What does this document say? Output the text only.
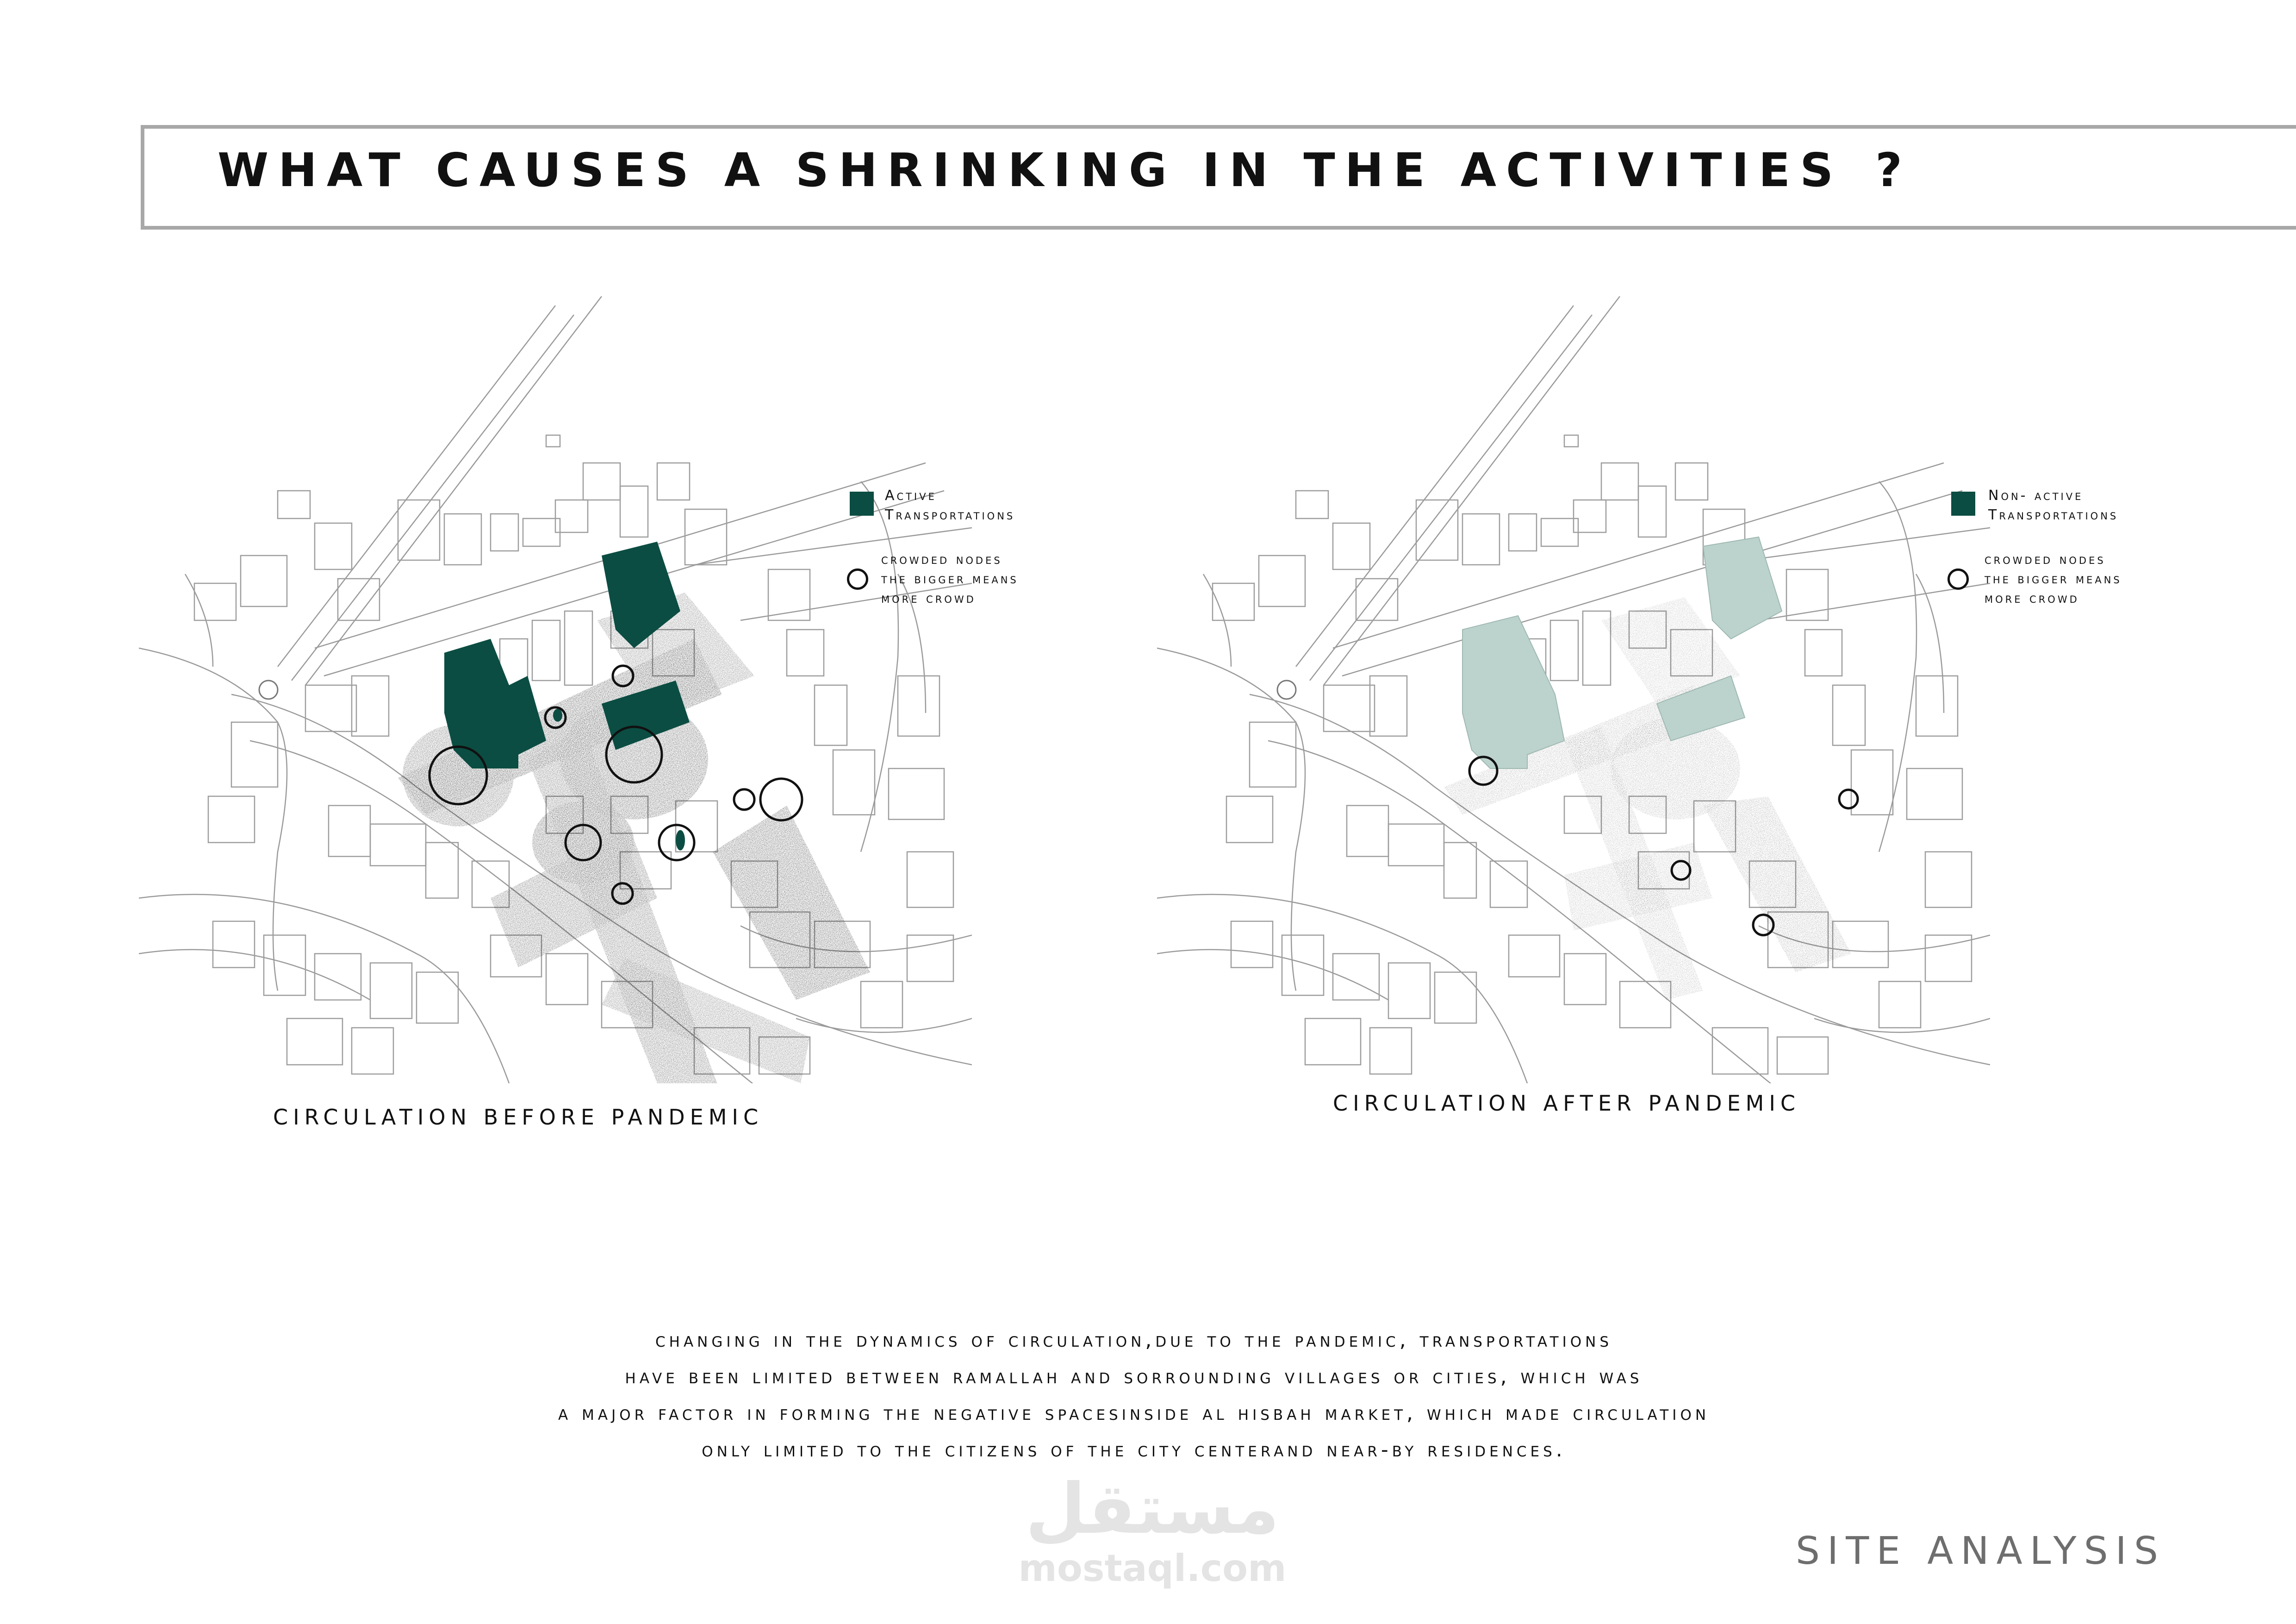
WHAT CAUSES A SHRINKING IN THE ACTIVITIES ?
Active
Transportations
crowded nodes
the bigger means
more crowd
Non- active
Transportations
crowded nodes
the bigger means
more crowd
CIRCULATION BEFORE PANDEMIC
CIRCULATION AFTER PANDEMIC
changing in the dynamics of circulation,due to the pandemic, transportations
have been limited between ramallah and sorrounding villages or cities, which was
a major factor in forming the negative spacesinside al hisbah market, which made circulation
only limited to the citizens of the city centerand near-by residences.
مستقل
mostaql.com	SITE ANALYSIS
